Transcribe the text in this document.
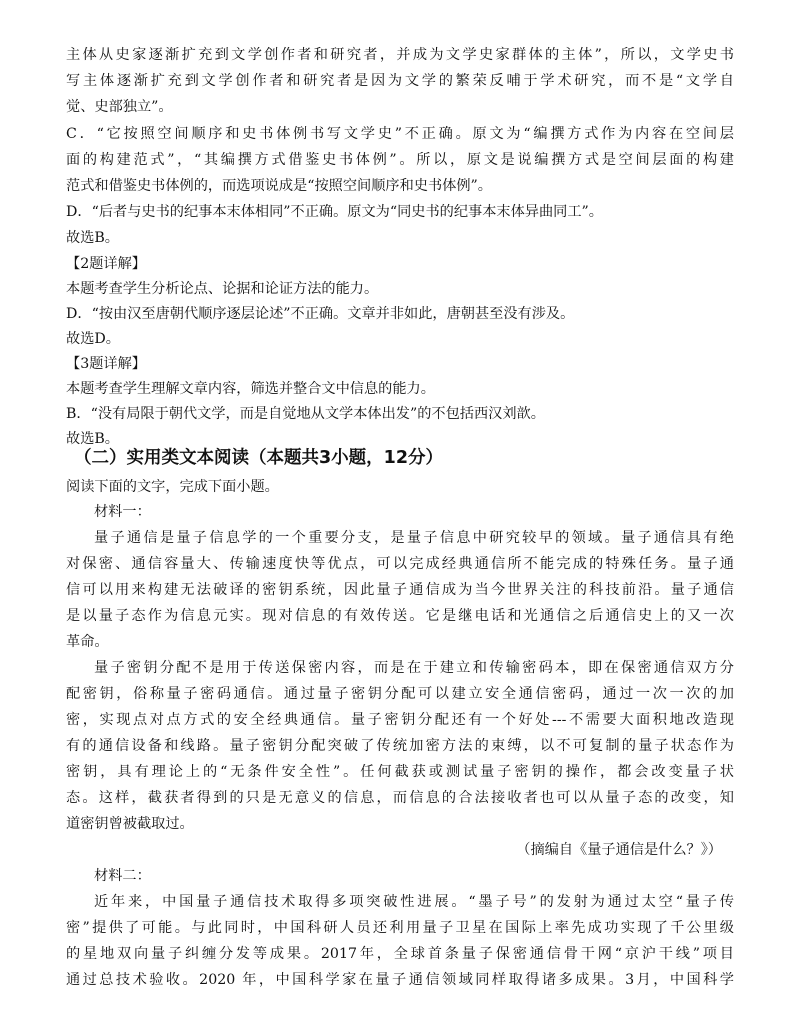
主体从史家逐渐扩充到文学创作者和研究者，并成为文学史家群体的主体”，所以，文学史书
写主体逐渐扩充到文学创作者和研究者是因为文学的繁荣反哺于学术研究，而不是“文学自
觉、史部独立”。
C．“它按照空间顺序和史书体例书写文学史”不正确。原文为“编撰方式作为内容在空间层
面的构建范式”，“其编撰方式借鉴史书体例”。所以，原文是说编撰方式是空间层面的构建
范式和借鉴史书体例的，而选项说成是“按照空间顺序和史书体例”。
D．“后者与史书的纪事本末体相同”不正确。原文为“同史书的纪事本末体异曲同工”。
故选B。
【2题详解】
本题考查学生分析论点、论据和论证方法的能力。
D．“按由汉至唐朝代顺序逐层论述”不正确。文章并非如此，唐朝甚至没有涉及。
故选D。
【3题详解】
本题考查学生理解文章内容，筛选并整合文中信息的能力。
B．“没有局限于朝代文学，而是自觉地从文学本体出发”的不包括西汉刘歆。
故选B。
（二）实用类文本阅读（本题共3小题，12分）
阅读下面的文字，完成下面小题。
材料一：
量子通信是量子信息学的一个重要分支，是量子信息中研究较早的领域。量子通信具有绝
对保密、通信容量大、传输速度快等优点，可以完成经典通信所不能完成的特殊任务。量子通
信可以用来构建无法破译的密钥系统，因此量子通信成为当今世界关注的科技前沿。量子通信
是以量子态作为信息元实。现对信息的有效传送。它是继电话和光通信之后通信史上的又一次
革命。
量子密钥分配不是用于传送保密内容，而是在于建立和传输密码本，即在保密通信双方分
配密钥，俗称量子密码通信。通过量子密钥分配可以建立安全通信密码，通过一次一次的加
密，实现点对点方式的安全经典通信。量子密钥分配还有一个好处---不需要大面积地改造现
有的通信设备和线路。量子密钥分配突破了传统加密方法的束缚，以不可复制的量子状态作为
密钥，具有理论上的“无条件安全性”。任何截获或测试量子密钥的操作，都会改变量子状
态。这样，截获者得到的只是无意义的信息，而信息的合法接收者也可以从量子态的改变，知
道密钥曾被截取过。
（摘编自《量子通信是什么？》）
材料二：
近年来，中国量子通信技术取得多项突破性进展。“墨子号”的发射为通过太空“量子传
密”提供了可能。与此同时，中国科研人员还利用量子卫星在国际上率先成功实现了千公里级
的星地双向量子纠缠分发等成果。2017年，全球首条量子保密通信骨干网“京沪干线”项目
通过总技术验收。2020 年，中国科学家在量子通信领域同样取得诸多成果。3月，中国科学
